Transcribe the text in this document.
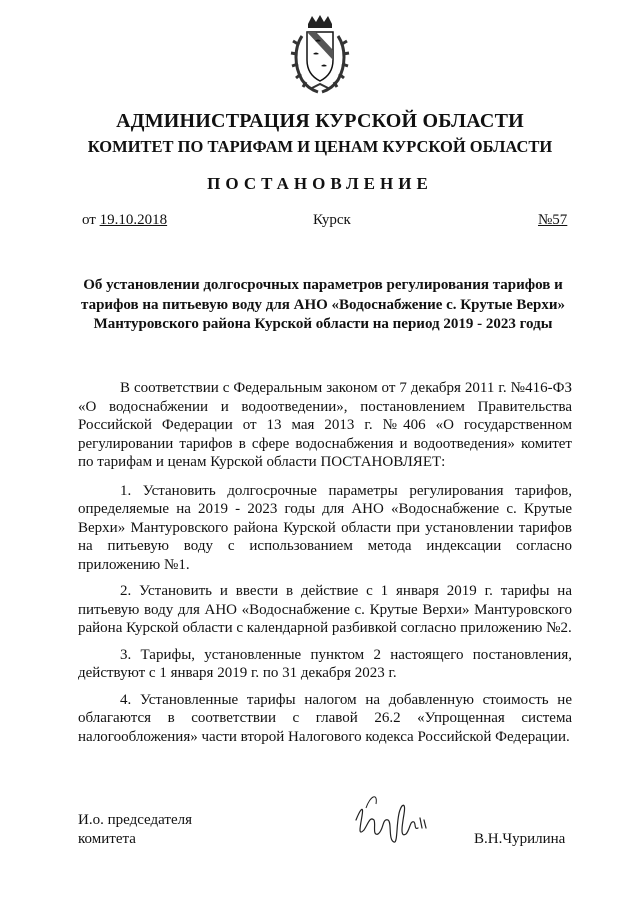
АДМИНИСТРАЦИЯ КУРСКОЙ ОБЛАСТИ
КОМИТЕТ ПО ТАРИФАМ И ЦЕНАМ КУРСКОЙ ОБЛАСТИ
ПОСТАНОВЛЕНИЕ
от 19.10.2018	Курск	№57
Об установлении долгосрочных параметров регулирования тарифов и тарифов на питьевую воду для АНО «Водоснабжение с. Крутые Верхи» Мантуровского района Курской области на период 2019 - 2023 годы

В соответствии с Федеральным законом от 7 декабря 2011 г. №416-ФЗ «О водоснабжении и водоотведении», постановлением Правительства Российской Федерации от 13 мая 2013 г. №406 «О государственном регулировании тарифов в сфере водоснабжения и водоотведения» комитет по тарифам и ценам Курской области ПОСТАНОВЛЯЕТ:

1. Установить долгосрочные параметры регулирования тарифов, определяемые на 2019 - 2023 годы для АНО «Водоснабжение с. Крутые Верхи» Мантуровского района Курской области при установлении тарифов на питьевую воду с использованием метода индексации согласно приложению №1.

2. Установить и ввести в действие с 1 января 2019 г. тарифы на питьевую воду для АНО «Водоснабжение с. Крутые Верхи» Мантуровского района Курской области с календарной разбивкой согласно приложению №2.

3. Тарифы, установленные пунктом 2 настоящего постановления, действуют с 1 января 2019 г. по 31 декабря 2023 г.

4. Установленные тарифы налогом на добавленную стоимость не облагаются в соответствии с главой 26.2 «Упрощенная система налогообложения» части второй Налогового кодекса Российской Федерации.

И.о. председателя
комитета	В.Н.Чурилина
